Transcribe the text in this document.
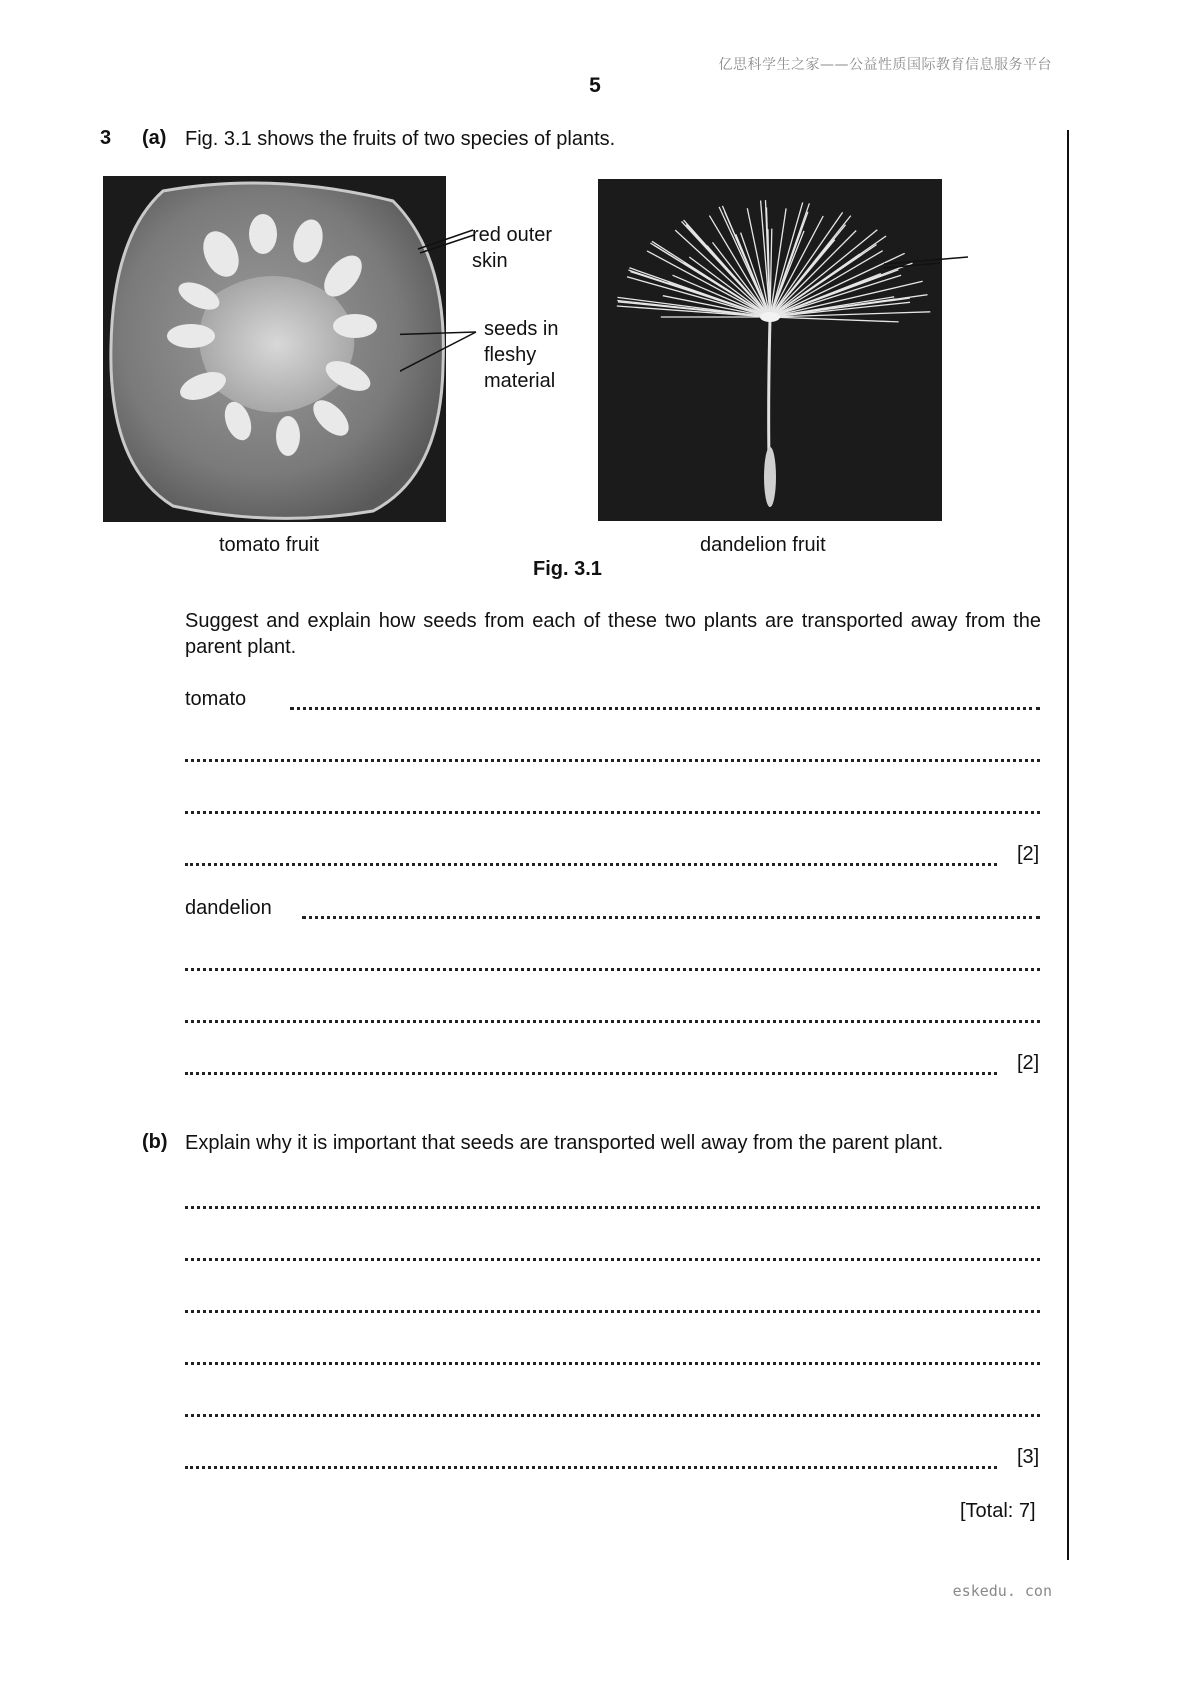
亿思科学生之家——公益性质国际教育信息服务平台
5
3 (a) Fig. 3.1 shows the fruits of two species of plants.
red outer
skin
seeds in
fleshy
material
tomato fruit	dandelion fruit
Fig. 3.1
Suggest and explain how seeds from each of these two plants are transported away from the parent plant.
tomato
[2]
dandelion
[2]
(b) Explain why it is important that seeds are transported well away from the parent plant.
[3]
[Total: 7]
eskedu. con
